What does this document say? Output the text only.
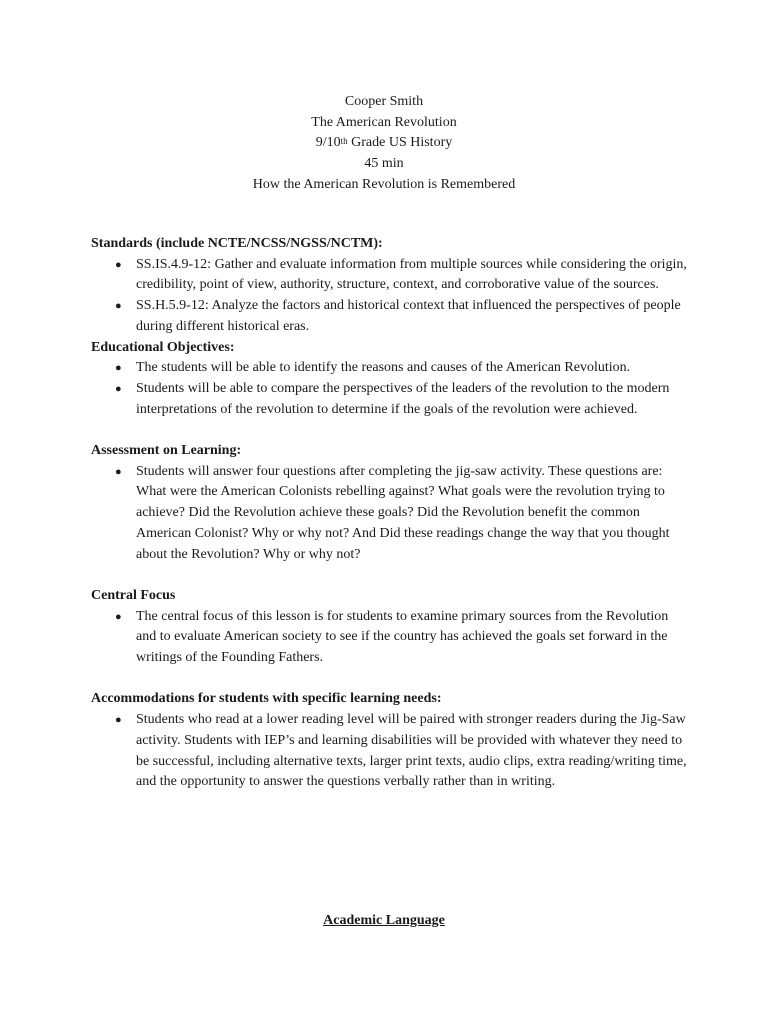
Cooper Smith
The American Revolution
9/10th Grade US History
45 min
How the American Revolution is Remembered
Standards (include NCTE/NCSS/NGSS/NCTM):
● SS.IS.4.9-12: Gather and evaluate information from multiple sources while considering the origin, credibility, point of view, authority, structure, context, and corroborative value of the sources.
● SS.H.5.9-12: Analyze the factors and historical context that influenced the perspectives of people during different historical eras.
Educational Objectives:
● The students will be able to identify the reasons and causes of the American Revolution.
● Students will be able to compare the perspectives of the leaders of the revolution to the modern interpretations of the revolution to determine if the goals of the revolution were achieved.
Assessment on Learning:
● Students will answer four questions after completing the jig-saw activity. These questions are: What were the American Colonists rebelling against? What goals were the revolution trying to achieve? Did the Revolution achieve these goals? Did the Revolution benefit the common American Colonist? Why or why not? And Did these readings change the way that you thought about the Revolution? Why or why not?
Central Focus
● The central focus of this lesson is for students to examine primary sources from the Revolution and to evaluate American society to see if the country has achieved the goals set forward in the writings of the Founding Fathers.
Accommodations for students with specific learning needs:
● Students who read at a lower reading level will be paired with stronger readers during the Jig-Saw activity. Students with IEP’s and learning disabilities will be provided with whatever they need to be successful, including alternative texts, larger print texts, audio clips, extra reading/writing time, and the opportunity to answer the questions verbally rather than in writing.
Academic Language
